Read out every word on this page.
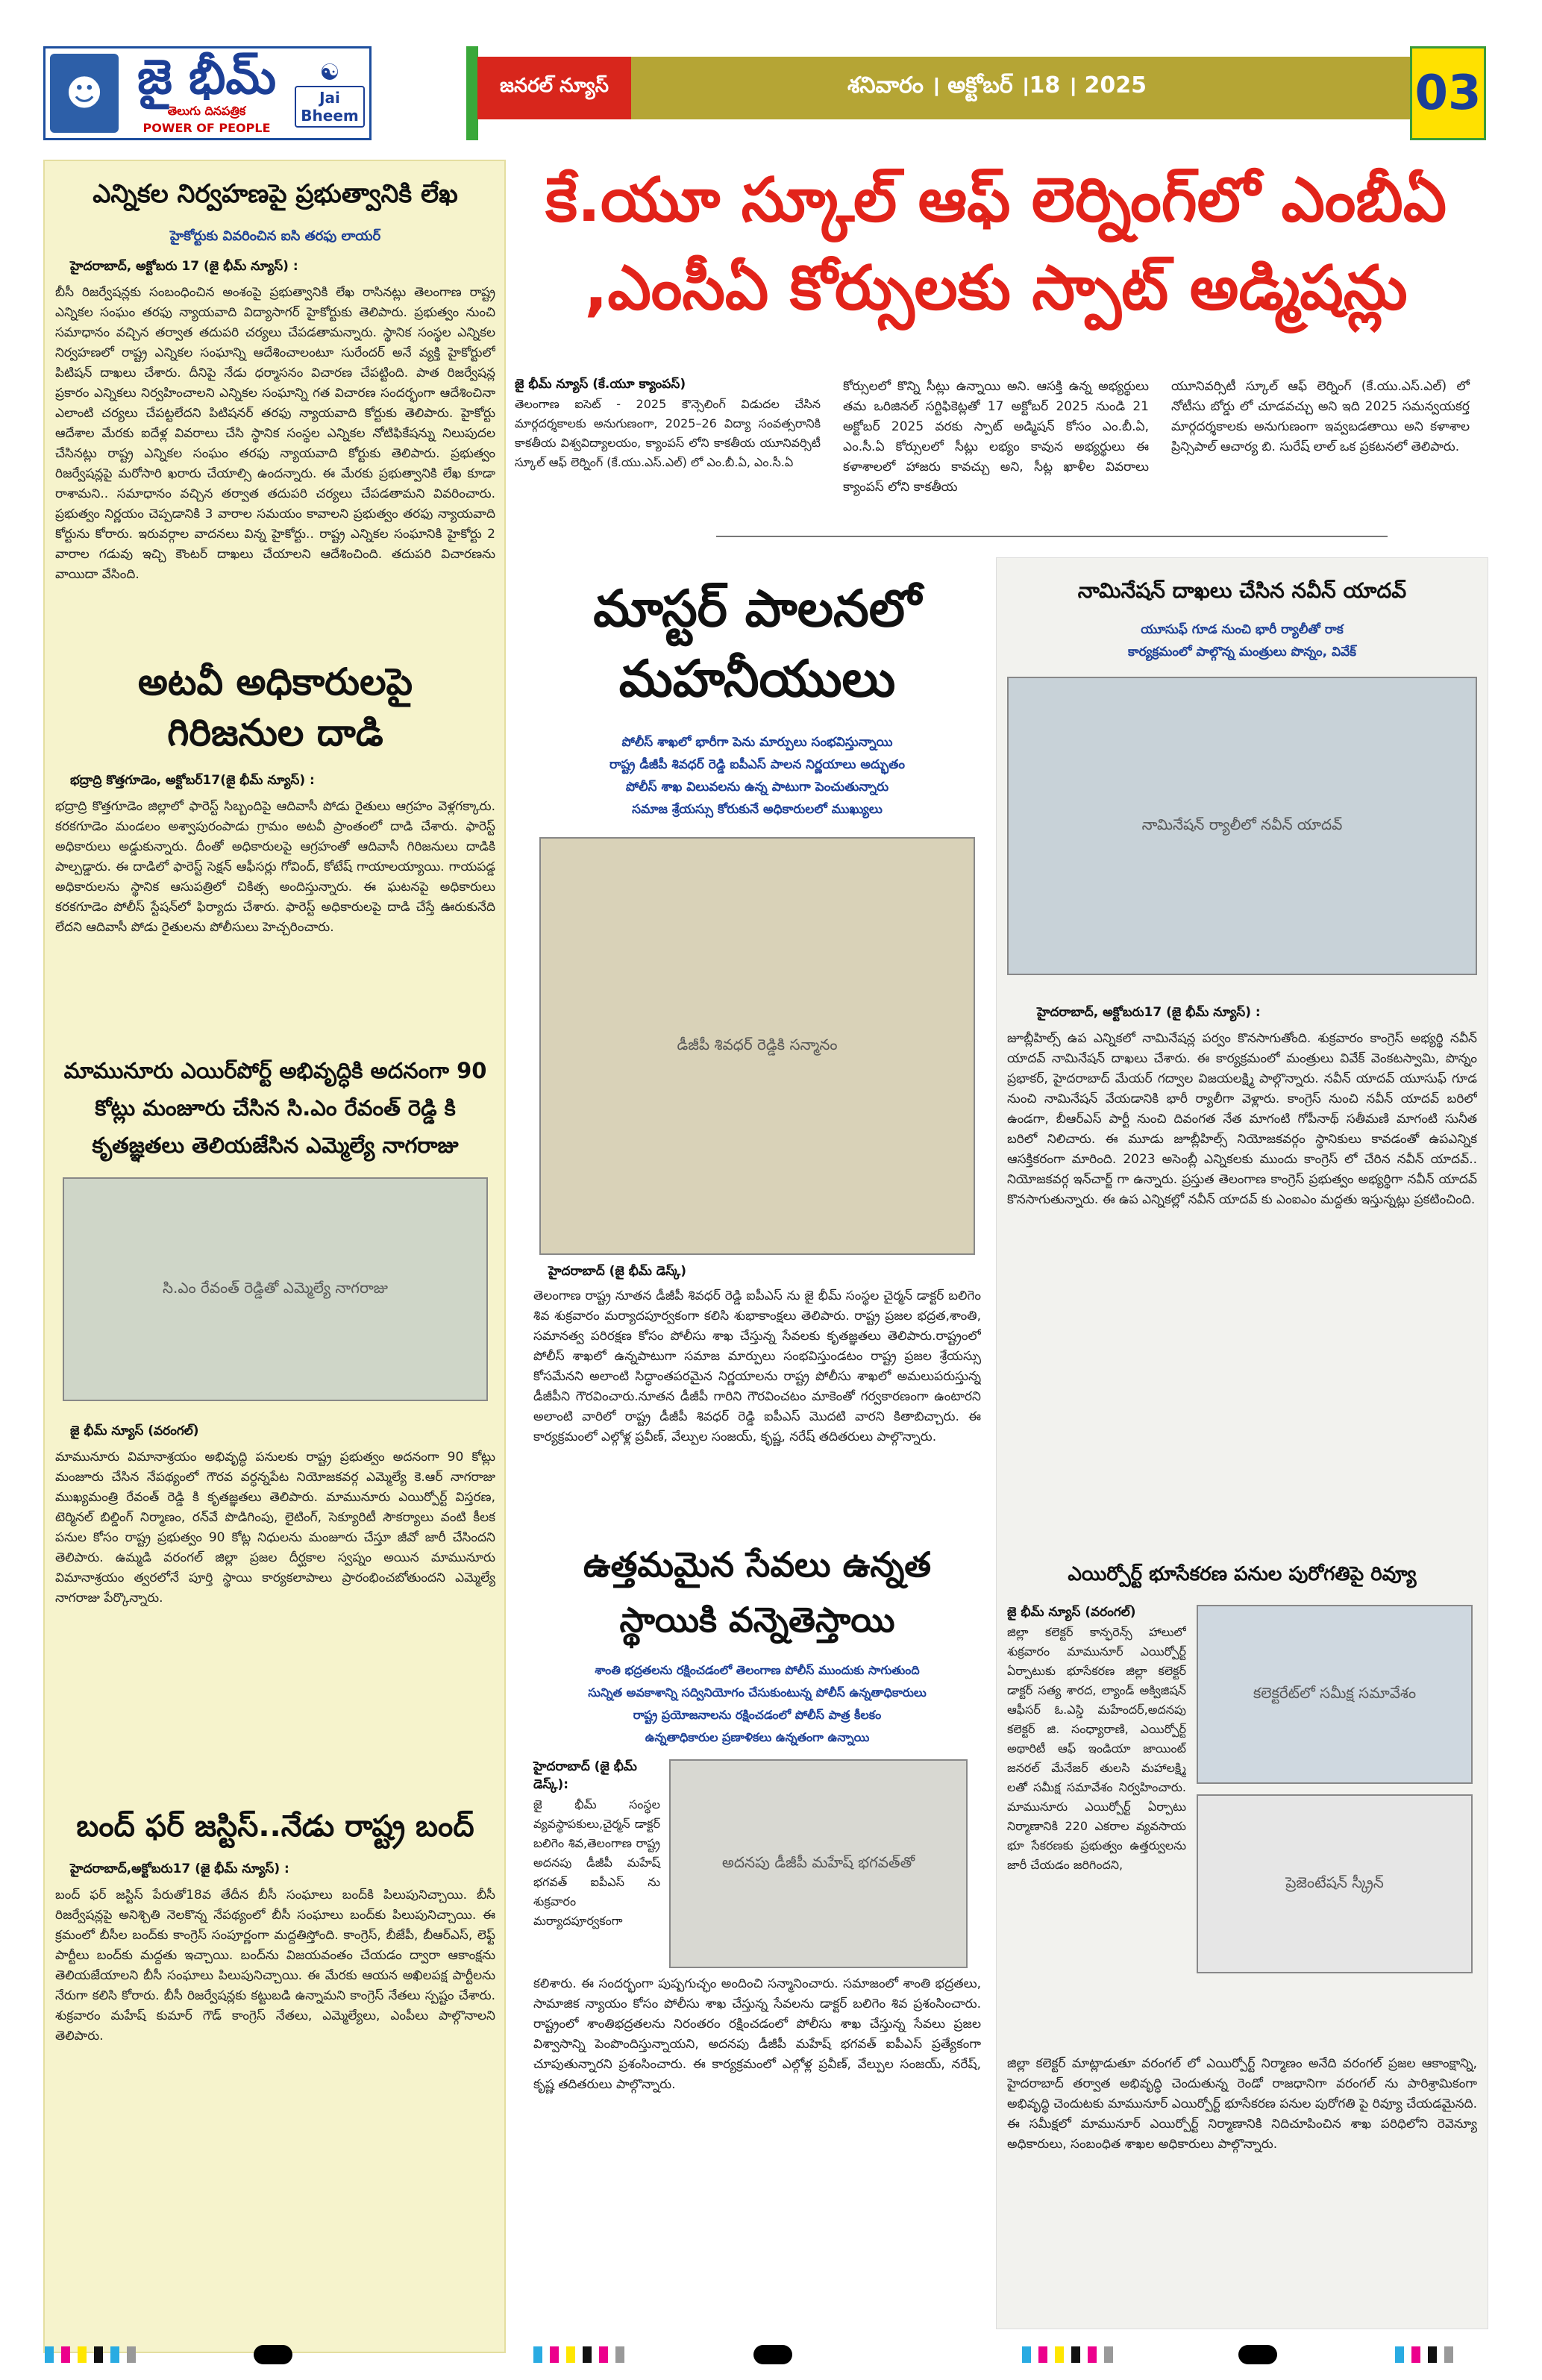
☻ జై భీమ్
తెలుగు దినపత్రిక
POWER OF PEOPLE
☯
Jai Bheem
జనరల్ న్యూస్	శనివారం । అక్టోబర్ ।18 । 2025	03
ఎన్నికల నిర్వహణపై ప్రభుత్వానికి లేఖ
హైకోర్టుకు వివరించిన ఐసి తరఫు లాయర్
హైదరాబాద్, అక్టోబరు 17 (జై భీమ్ న్యూస్) :
బీసీ రిజర్వేషన్లకు సంబంధించిన అంశంపై ప్రభుత్వానికి లేఖ రాసినట్లు తెలంగాణ రాష్ట్ర ఎన్నికల సంఘం తరఫు న్యాయవాది విద్యాసాగర్ హైకోర్టుకు తెలిపారు. ప్రభుత్వం నుంచి సమాధానం వచ్చిన తర్వాత తదుపరి చర్యలు చేపడతామన్నారు. స్థానిక సంస్థల ఎన్నికల నిర్వహణలో రాష్ట్ర ఎన్నికల సంఘాన్ని ఆదేశించాలంటూ సురేందర్ అనే వ్యక్తి హైకోర్టులో పిటిషన్ దాఖలు చేశారు. దీనిపై నేడు ధర్మాసనం విచారణ చేపట్టింది. పాత రిజర్వేషన్ల ప్రకారం ఎన్నికలు నిర్వహించాలని ఎన్నికల సంఘాన్ని గత విచారణ సందర్భంగా ఆదేశించినా ఎలాంటి చర్యలు చేపట్టలేదని పిటిషనర్ తరఫు న్యాయవాది కోర్టుకు తెలిపారు. హైకోర్టు ఆదేశాల మేరకు ఐదేళ్ల వివరాలు చేసి స్థానిక సంస్థల ఎన్నికల నోటిఫికేషన్ను నిలుపుదల చేసినట్లు రాష్ట్ర ఎన్నికల సంఘం తరఫు న్యాయవాది కోర్టుకు తెలిపారు. ప్రభుత్వం రిజర్వేషన్లపై మరోసారి ఖరారు చేయాల్సి ఉందన్నారు. ఈ మేరకు ప్రభుత్వానికి లేఖ కూడా రాశామని.. సమాధానం వచ్చిన తర్వాత తదుపరి చర్యలు చేపడతామని వివరించారు. ప్రభుత్వం నిర్ణయం చెప్పడానికి 3 వారాల సమయం కావాలని ప్రభుత్వం తరఫు న్యాయవాది కోర్టును కోరారు. ఇరువర్గాల వాదనలు విన్న హైకోర్టు.. రాష్ట్ర ఎన్నికల సంఘానికి హైకోర్టు 2 వారాల గడువు ఇచ్చి కౌంటర్ దాఖలు చేయాలని ఆదేశించింది. తదుపరి విచారణను వాయిదా వేసింది.
అటవీ అధికారులపై గిరిజనుల దాడి
భద్రాద్రి కొత్తగూడెం, అక్టోబర్17(జై భీమ్ న్యూస్) :
భద్రాద్రి కొత్తగూడెం జిల్లాలో ఫారెస్ట్ సిబ్బందిపై ఆదివాసీ పోడు రైతులు ఆగ్రహం వెళ్లగక్కారు. కరకగూడెం మండలం అశ్వాపురంపాడు గ్రామం అటవీ ప్రాంతంలో దాడి చేశారు. ఫారెస్ట్ అధికారులు అడ్డుకున్నారు. దీంతో అధికారులపై ఆగ్రహంతో ఆదివాసీ గిరిజనులు దాడికి పాల్పడ్డారు. ఈ దాడిలో ఫారెస్ట్ సెక్షన్ ఆఫీసర్లు గోవింద్, కోటేష్ గాయాలయ్యాయి. గాయపడ్డ అధికారులను స్థానిక ఆసుపత్రిలో చికిత్స అందిస్తున్నారు. ఈ ఘటనపై అధికారులు కరకగూడెం పోలీస్ స్టేషన్‌లో ఫిర్యాదు చేశారు. ఫారెస్ట్ అధికారులపై దాడి చేస్తే ఊరుకునేది లేదని ఆదివాసీ పోడు రైతులను పోలీసులు హెచ్చరించారు.
మామునూరు ఎయిర్‌పోర్ట్ అభివృద్ధికి అదనంగా 90 కోట్లు మంజూరు చేసిన సి.ఎం రేవంత్ రెడ్డి కి కృతజ్ఞతలు తెలియజేసిన ఎమ్మెల్యే నాగరాజు
సి.ఎం రేవంత్ రెడ్డితో ఎమ్మెల్యే నాగరాజు
జై భీమ్ న్యూస్ (వరంగల్)
మామునూరు విమానాశ్రయం అభివృద్ధి పనులకు రాష్ట్ర ప్రభుత్వం అదనంగా 90 కోట్లు మంజూరు చేసిన నేపథ్యంలో గౌరవ వర్ధన్నపేట నియోజకవర్గ ఎమ్మెల్యే కె.ఆర్ నాగరాజు ముఖ్యమంత్రి రేవంత్ రెడ్డి కి కృతజ్ఞతలు తెలిపారు. మామునూరు ఎయిర్పోర్ట్ విస్తరణ, టెర్మినల్ బిల్డింగ్ నిర్మాణం, రన్‌వే పొడిగింపు, లైటింగ్, సెక్యూరిటీ సౌకర్యాలు వంటి కీలక పనుల కోసం రాష్ట్ర ప్రభుత్వం 90 కోట్ల నిధులను మంజూరు చేస్తూ జీవో జారీ చేసిందని తెలిపారు. ఉమ్మడి వరంగల్ జిల్లా ప్రజల దీర్ఘకాల స్వప్నం అయిన మామునూరు విమానాశ్రయం త్వరలోనే పూర్తి స్థాయి కార్యకలాపాలు ప్రారంభించబోతుందని ఎమ్మెల్యే నాగరాజు పేర్కొన్నారు.
బంద్ ఫర్ జస్టిస్..నేడు రాష్ట్ర బంద్
హైదరాబాద్,అక్టోబరు17 (జై భీమ్ న్యూస్) :
బంద్ ఫర్ జస్టిస్ పేరుతో18వ తేదీన బీసీ సంఘాలు బంద్‌కి పిలుపునిచ్చాయి. బీసీ రిజర్వేషన్లపై అనిశ్చితి నెలకొన్న నేపథ్యంలో బీసీ సంఘాలు బంద్‌కు పిలుపునిచ్చాయి. ఈ క్రమంలో బీసీల బంద్‌కు కాంగ్రెస్ సంపూర్ణంగా మద్దతిస్తోంది. కాంగ్రెస్, బీజేపీ, బీఆర్ఎస్, లెఫ్ట్ పార్టీలు బంద్‌కు మద్దతు ఇచ్చాయి. బంద్‌ను విజయవంతం చేయడం ద్వారా ఆకాంక్షను తెలియజేయాలని బీసీ సంఘాలు పిలుపునిచ్చాయి. ఈ మేరకు ఆయన అఖిలపక్ష పార్టీలను నేరుగా కలిసి కోరారు. బీసీ రిజర్వేషన్లకు కట్టుబడి ఉన్నామని కాంగ్రెస్ నేతలు స్పష్టం చేశారు. శుక్రవారం మహేష్ కుమార్ గౌడ్ కాంగ్రెస్ నేతలు, ఎమ్మెల్యేలు, ఎంపీలు పాల్గొనాలని తెలిపారు.
కే.యూ స్కూల్ ఆఫ్ లెర్నింగ్‌లో ఎంబీఏ ,ఎంసీఏ కోర్సులకు స్పాట్ అడ్మిషన్లు
జై భీమ్ న్యూస్ (కే.యూ క్యాంపస్)
తెలంగాణ ఐసెట్ - 2025 కౌన్సెలింగ్ విడుదల చేసిన మార్గదర్శకాలకు అనుగుణంగా, 2025–26 విద్యా సంవత్సరానికి కాకతీయ విశ్వవిద్యాలయం, క్యాంపస్ లోని కాకతీయ యూనివర్సిటీ స్కూల్ ఆఫ్ లెర్నింగ్ (కే.యు.ఎస్.ఎల్) లో ఎం.బీ.ఏ, ఎం.సీ.ఏ
కోర్సులలో కొన్ని సీట్లు ఉన్నాయి అని. ఆసక్తి ఉన్న అభ్యర్థులు తమ ఒరిజినల్ సర్టిఫికెట్లతో 17 అక్టోబర్ 2025 నుండి 21 అక్టోబర్ 2025 వరకు స్పాట్ అడ్మిషన్ కోసం ఎం.బీ.ఏ, ఎం.సీ.ఏ కోర్సులలో సీట్లు లభ్యం కావున అభ్యర్థులు ఈ కళాశాలలో హాజరు కావచ్చు అని, సీట్ల ఖాళీల వివరాలు క్యాంపస్ లోని కాకతీయ
యూనివర్సిటీ స్కూల్ ఆఫ్ లెర్నింగ్ (కే.యు.ఎస్.ఎల్) లో నోటీసు బోర్డు లో చూడవచ్చు అని ఇది 2025 సమన్వయకర్త మార్గదర్శకాలకు అనుగుణంగా ఇవ్వబడతాయి అని కళాశాల ప్రిన్సిపాల్ ఆచార్య బి. సురేష్ లాల్ ఒక ప్రకటనలో తెలిపారు.
మాస్టర్ పాలనలో మహనీయులు
పోలీస్ శాఖలో భారీగా పెను మార్పులు సంభవిస్తున్నాయి
రాష్ట్ర డీజీపీ శివధర్ రెడ్డి ఐపీఎస్ పాలన నిర్ణయాలు అద్భుతం
పోలీస్ శాఖ విలువలను ఉన్న పాటుగా పెంచుతున్నారు
సమాజ శ్రేయస్సు కోరుకునే అధికారులలో ముఖ్యులు
డీజీపీ శివధర్ రెడ్డికి సన్మానం
హైదరాబాద్ (జై భీమ్ డెస్క్)
తెలంగాణ రాష్ట్ర నూతన డీజీపీ శివధర్ రెడ్డి ఐపీఎస్ ను జై భీమ్ సంస్థల చైర్మన్ డాక్టర్ బలిగెం శివ శుక్రవారం మర్యాదపూర్వకంగా కలిసి శుభాకాంక్షలు తెలిపారు. రాష్ట్ర ప్రజల భద్రత,శాంతి, సమానత్వ పరిరక్షణ కోసం పోలీసు శాఖ చేస్తున్న సేవలకు కృతజ్ఞతలు తెలిపారు.రాష్ట్రంలో పోలీస్ శాఖలో ఉన్నపాటుగా సమాజ మార్పులు సంభవిస్తుండటం రాష్ట్ర ప్రజల శ్రేయస్సు కోసమేనని అలాంటి సిద్ధాంతపరమైన నిర్ణయాలను రాష్ట్ర పోలీసు శాఖలో అమలుపరుస్తున్న డీజీపీని గౌరవించారు.నూతన డీజీపీ గారిని గౌరవించటం మాకెంతో గర్వకారణంగా ఉంటారని అలాంటి వారిలో రాష్ట్ర డీజీపీ శివధర్ రెడ్డి ఐపీఎస్ మొదటి వారని కితాబిచ్చారు. ఈ కార్యక్రమంలో ఎల్గోళ్ల ప్రవీణ్, వేల్పుల సంజయ్, కృష్ణ, నరేష్ తదితరులు పాల్గొన్నారు.
ఉత్తమమైన సేవలు ఉన్నత స్థాయికి వన్నెతెస్తాయి
శాంతి భద్రతలను రక్షించడంలో తెలంగాణ పోలీస్ ముందుకు సాగుతుంది
సున్నిత అవకాశాన్ని సద్వినియోగం చేసుకుంటున్న పోలీస్ ఉన్నతాధికారులు
రాష్ట్ర ప్రయోజనాలను రక్షించడంలో పోలీస్ పాత్ర కీలకం
ఉన్నతాధికారుల ప్రణాళికలు ఉన్నతంగా ఉన్నాయి
హైదరాబాద్ (జై భీమ్ డెస్క్):
జై భీమ్ సంస్థల వ్యవస్థాపకులు,చైర్మన్ డాక్టర్ బలిగెం శివ,తెలంగాణ రాష్ట్ర అదనపు డీజీపీ మహేష్ భగవత్ ఐపీఎస్ ను శుక్రవారం మర్యాదపూర్వకంగా
అదనపు డీజీపీ మహేష్ భగవత్‌తో
కలిశారు. ఈ సందర్భంగా పుష్పగుచ్ఛం అందించి సన్మానించారు. సమాజంలో శాంతి భద్రతలు, సామాజిక న్యాయం కోసం పోలీసు శాఖ చేస్తున్న సేవలను డాక్టర్ బలిగెం శివ ప్రశంసించారు. రాష్ట్రంలో శాంతిభద్రతలను నిరంతరం రక్షించడంలో పోలీసు శాఖ చేస్తున్న సేవలు ప్రజల విశ్వాసాన్ని పెంపొందిస్తున్నాయని, అదనపు డీజీపీ మహేష్ భగవత్ ఐపీఎస్ ప్రత్యేకంగా చూపుతున్నారని ప్రశంసించారు. ఈ కార్యక్రమంలో ఎల్గోళ్ల ప్రవీణ్, వేల్పుల సంజయ్, నరేష్, కృష్ణ తదితరులు పాల్గొన్నారు.
నామినేషన్ దాఖలు చేసిన నవీన్ యాదవ్
యూసుఫ్ గూడ నుంచి భారీ ర్యాలీతో రాక
కార్యక్రమంలో పాల్గొన్న మంత్రులు పొన్నం, వివేక్
నామినేషన్ ర్యాలీలో నవీన్ యాదవ్
హైదరాబాద్, అక్టోబరు17 (జై భీమ్ న్యూస్) :
జూబ్లీహిల్స్ ఉప ఎన్నికలో నామినేషన్ల పర్వం కొనసాగుతోంది. శుక్రవారం కాంగ్రెస్ అభ్యర్థి నవీన్ యాదవ్ నామినేషన్ దాఖలు చేశారు. ఈ కార్యక్రమంలో మంత్రులు వివేక్ వెంకటస్వామి, పొన్నం ప్రభాకర్, హైదరాబాద్ మేయర్ గద్వాల విజయలక్ష్మి పాల్గొన్నారు. నవీన్ యాదవ్ యూసుఫ్ గూడ నుంచి నామినేషన్ వేయడానికి భారీ ర్యాలీగా వెళ్లారు. కాంగ్రెస్ నుంచి నవీన్ యాదవ్ బరిలో ఉండగా, బీఆర్ఎస్ పార్టీ నుంచి దివంగత నేత మాగంటి గోపీనాథ్ సతీమణి మాగంటి సునీత బరిలో నిలిచారు. ఈ మూడు జూబ్లీహిల్స్ నియోజకవర్గం స్థానికులు కావడంతో ఉపఎన్నిక ఆసక్తికరంగా మారింది. 2023 అసెంబ్లీ ఎన్నికలకు ముందు కాంగ్రెస్ లో చేరిన నవీన్ యాదవ్.. నియోజకవర్గ ఇన్‌చార్జ్ గా ఉన్నారు. ప్రస్తుత తెలంగాణ కాంగ్రెస్ ప్రభుత్వం అభ్యర్థిగా నవీన్ యాదవ్ కొనసాగుతున్నారు. ఈ ఉప ఎన్నికల్లో నవీన్ యాదవ్ కు ఎంఐఎం మద్దతు ఇస్తున్నట్లు ప్రకటించింది.
ఎయిర్పోర్ట్ భూసేకరణ పనుల పురోగతిపై రివ్యూ
జై భీమ్ న్యూస్ (వరంగల్)
జిల్లా కలెక్టర్ కాన్ఫరెన్స్ హాలులో శుక్రవారం మామునూర్ ఎయిర్పోర్ట్ ఏర్పాటుకు భూసేకరణ జిల్లా కలెక్టర్ డాక్టర్ సత్య శారద, ల్యాండ్ అక్విజిషన్ ఆఫీసర్ ఓ.ఎస్డి మహేందర్,అదనపు కలెక్టర్ జి. సంధ్యారాణి, ఎయిర్పోర్ట్ అథారిటీ ఆఫ్ ఇండియా జాయింట్ జనరల్ మేనేజర్ తులసి మహాలక్ష్మి లతో సమీక్ష సమావేశం నిర్వహించారు. మామునూరు ఎయిర్పోర్ట్ ఏర్పాటు నిర్మాణానికి 220 ఎకరాల వ్యవసాయ భూ సేకరణకు ప్రభుత్వం ఉత్తర్వులను జారీ చేయడం జరిగిందని,
కలెక్టరేట్‌లో సమీక్ష సమావేశం
ప్రెజెంటేషన్ స్క్రీన్
జిల్లా కలెక్టర్ మాట్లాడుతూ వరంగల్ లో ఎయిర్పోర్ట్ నిర్మాణం అనేది వరంగల్ ప్రజల ఆకాంక్షాన్ని, హైదరాబాద్ తర్వాత అభివృద్ధి చెందుతున్న రెండో రాజధానిగా వరంగల్ ను పారిశ్రామికంగా అభివృద్ధి చెందుటకు మామునూర్ ఎయిర్పోర్ట్ భూసేకరణ పనుల పురోగతి పై రివ్యూ చేయడమైనది. ఈ సమీక్షలో మామునూర్ ఎయిర్పోర్ట్ నిర్మాణానికి నిదిచూపించిన శాఖ పరిధిలోని రెవెన్యూ అధికారులు, సంబంధిత శాఖల అధికారులు పాల్గొన్నారు.
